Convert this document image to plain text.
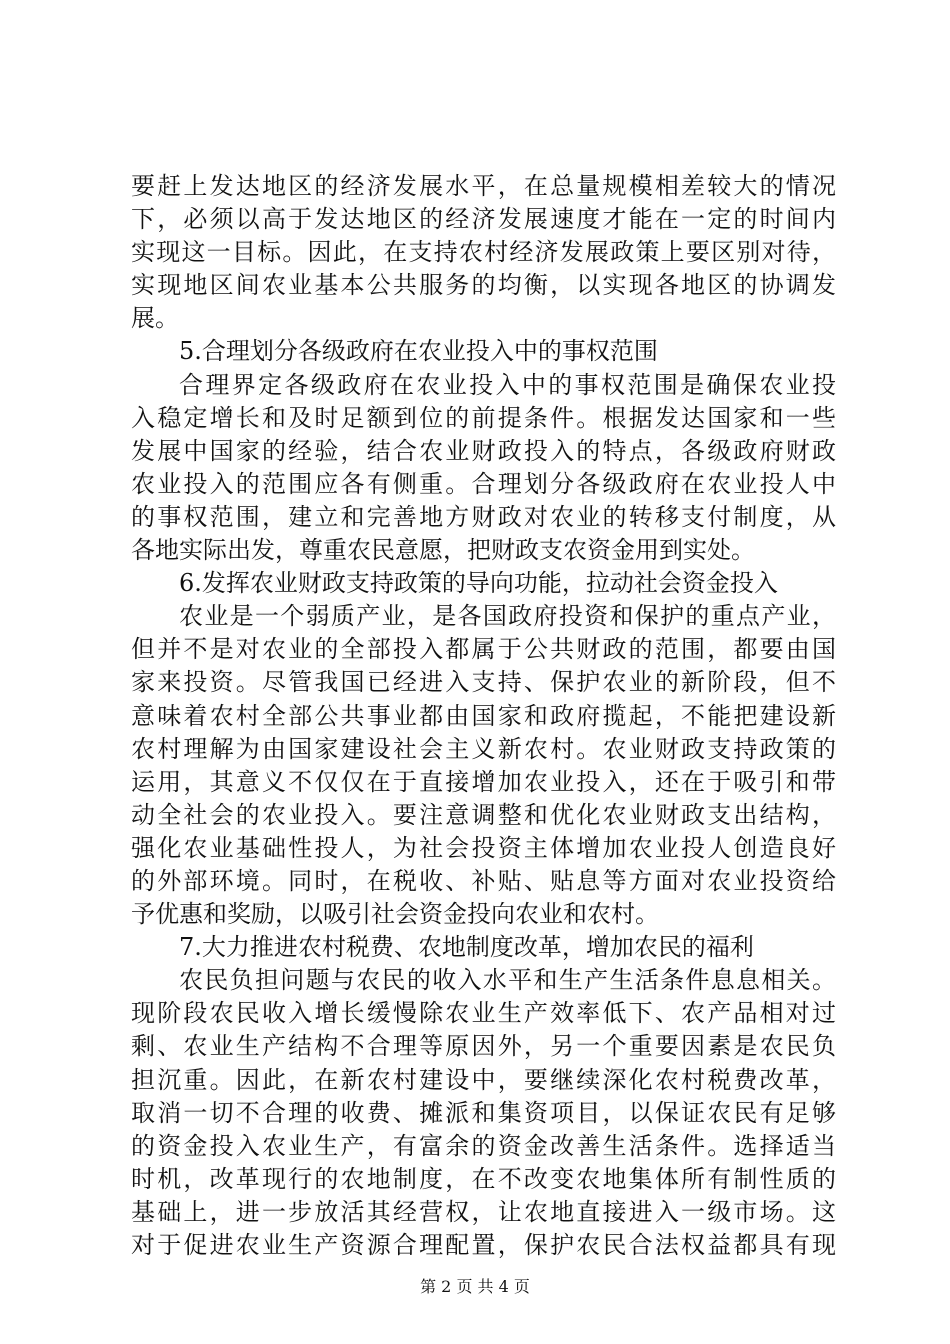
要赶上发达地区的经济发展水平，在总量规模相差较大的情况
下，必须以高于发达地区的经济发展速度才能在一定的时间内
实现这一目标。因此，在支持农村经济发展政策上要区别对待，
实现地区间农业基本公共服务的均衡，以实现各地区的协调发
展。
5.合理划分各级政府在农业投入中的事权范围
合理界定各级政府在农业投入中的事权范围是确保农业投
入稳定增长和及时足额到位的前提条件。根据发达国家和一些
发展中国家的经验，结合农业财政投入的特点，各级政府财政
农业投入的范围应各有侧重。合理划分各级政府在农业投人中
的事权范围，建立和完善地方财政对农业的转移支付制度，从
各地实际出发，尊重农民意愿，把财政支农资金用到实处。
6.发挥农业财政支持政策的导向功能，拉动社会资金投入
农业是一个弱质产业，是各国政府投资和保护的重点产业，
但并不是对农业的全部投入都属于公共财政的范围，都要由国
家来投资。尽管我国已经进入支持、保护农业的新阶段，但不
意味着农村全部公共事业都由国家和政府揽起，不能把建设新
农村理解为由国家建设社会主义新农村。农业财政支持政策的
运用，其意义不仅仅在于直接增加农业投入，还在于吸引和带
动全社会的农业投入。要注意调整和优化农业财政支出结构，
强化农业基础性投人，为社会投资主体增加农业投人创造良好
的外部环境。同时，在税收、补贴、贴息等方面对农业投资给
予优惠和奖励，以吸引社会资金投向农业和农村。
7.大力推进农村税费、农地制度改革，增加农民的福利
农民负担问题与农民的收入水平和生产生活条件息息相关。
现阶段农民收入增长缓慢除农业生产效率低下、农产品相对过
剩、农业生产结构不合理等原因外，另一个重要因素是农民负
担沉重。因此，在新农村建设中，要继续深化农村税费改革，
取消一切不合理的收费、摊派和集资项目，以保证农民有足够
的资金投入农业生产，有富余的资金改善生活条件。选择适当
时机，改革现行的农地制度，在不改变农地集体所有制性质的
基础上，进一步放活其经营权，让农地直接进入一级市场。这
对于促进农业生产资源合理配置，保护农民合法权益都具有现
第 2 页 共 4 页
